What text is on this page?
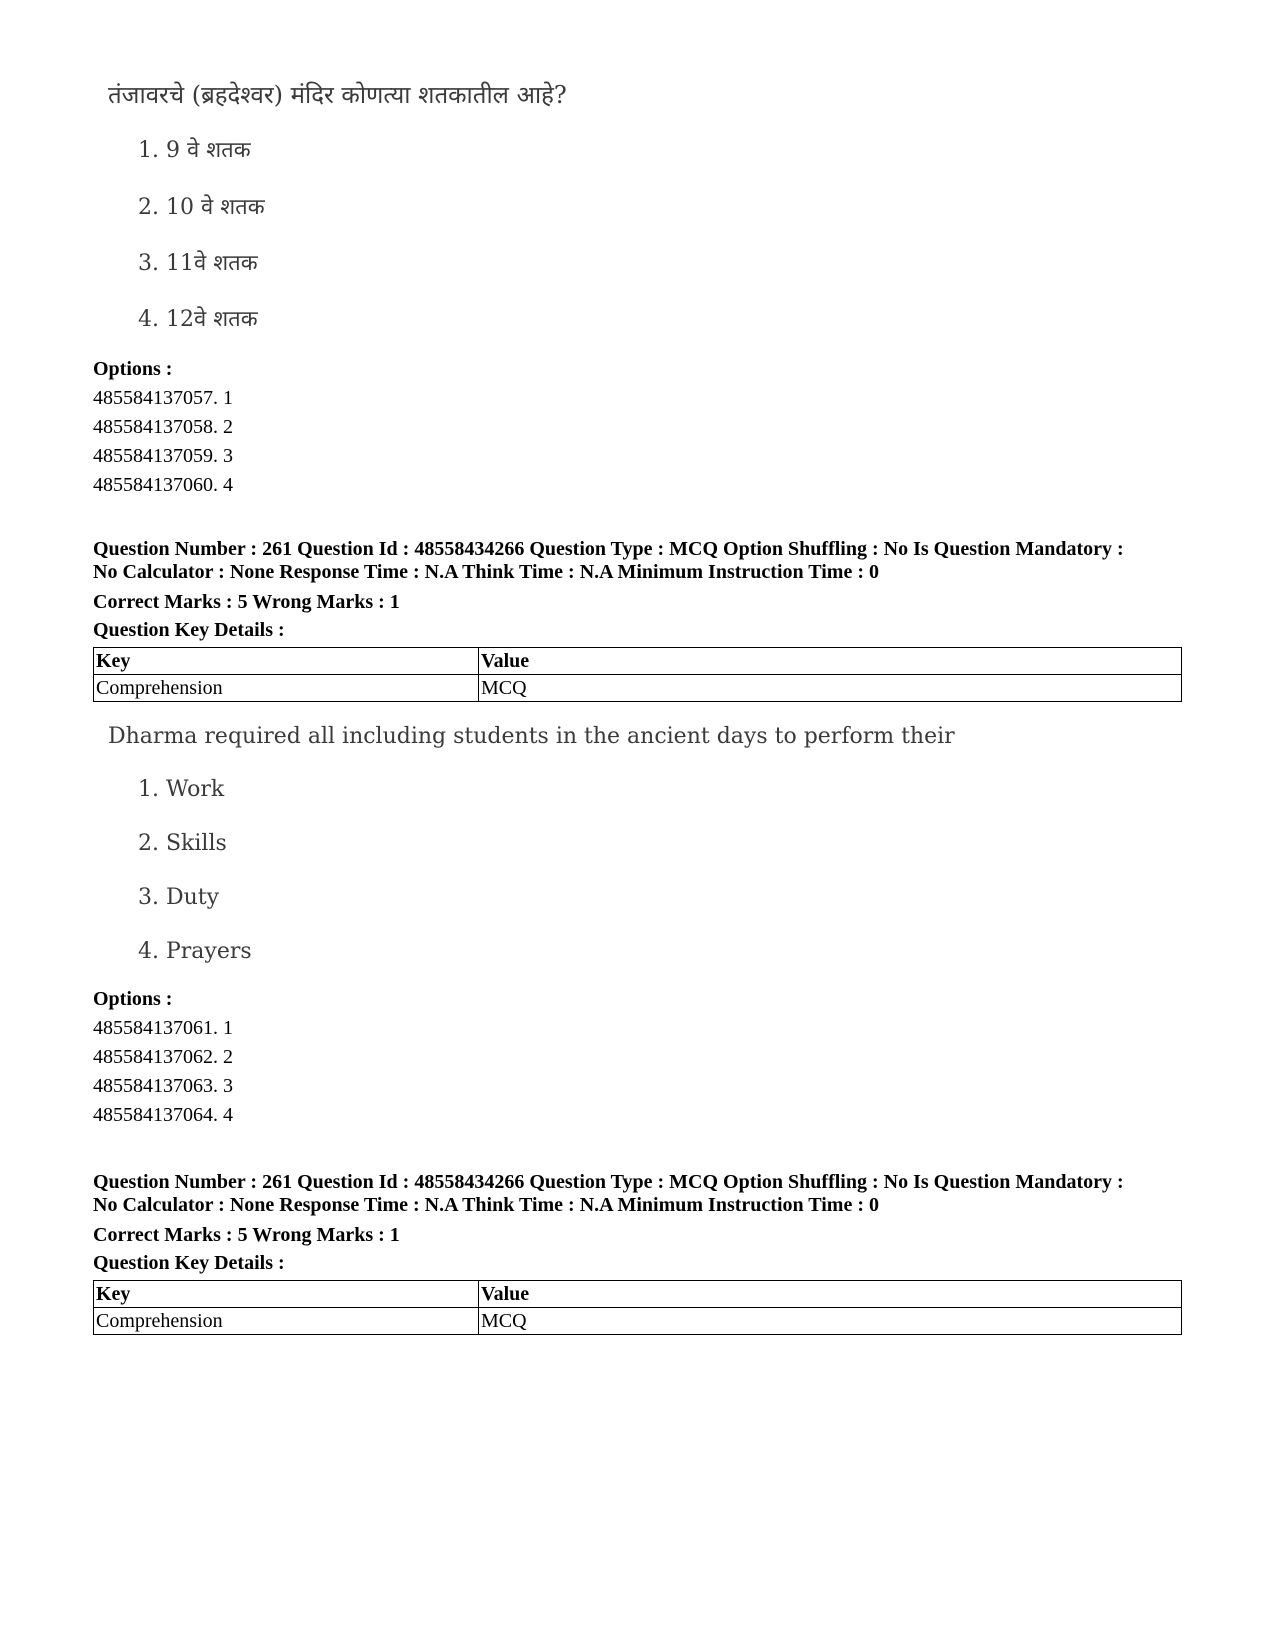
तंजावरचे (ब्रहदेश्वर) मंदिर कोणत्या शतकातील आहे?
1. 9 वे शतक
2. 10 वे शतक
3. 11वे शतक
4. 12वे शतक
Options :
485584137057. 1
485584137058. 2
485584137059. 3
485584137060. 4
Question Number : 261 Question Id : 48558434266 Question Type : MCQ Option Shuffling : No Is Question Mandatory :
No Calculator : None Response Time : N.A Think Time : N.A Minimum Instruction Time : 0
Correct Marks : 5 Wrong Marks : 1
Question Key Details :
Key	Value
Comprehension	MCQ
Dharma required all including students in the ancient days to perform their
1. Work
2. Skills
3. Duty
4. Prayers
Options :
485584137061. 1
485584137062. 2
485584137063. 3
485584137064. 4
Question Number : 261 Question Id : 48558434266 Question Type : MCQ Option Shuffling : No Is Question Mandatory :
No Calculator : None Response Time : N.A Think Time : N.A Minimum Instruction Time : 0
Correct Marks : 5 Wrong Marks : 1
Question Key Details :
Key	Value
Comprehension	MCQ
